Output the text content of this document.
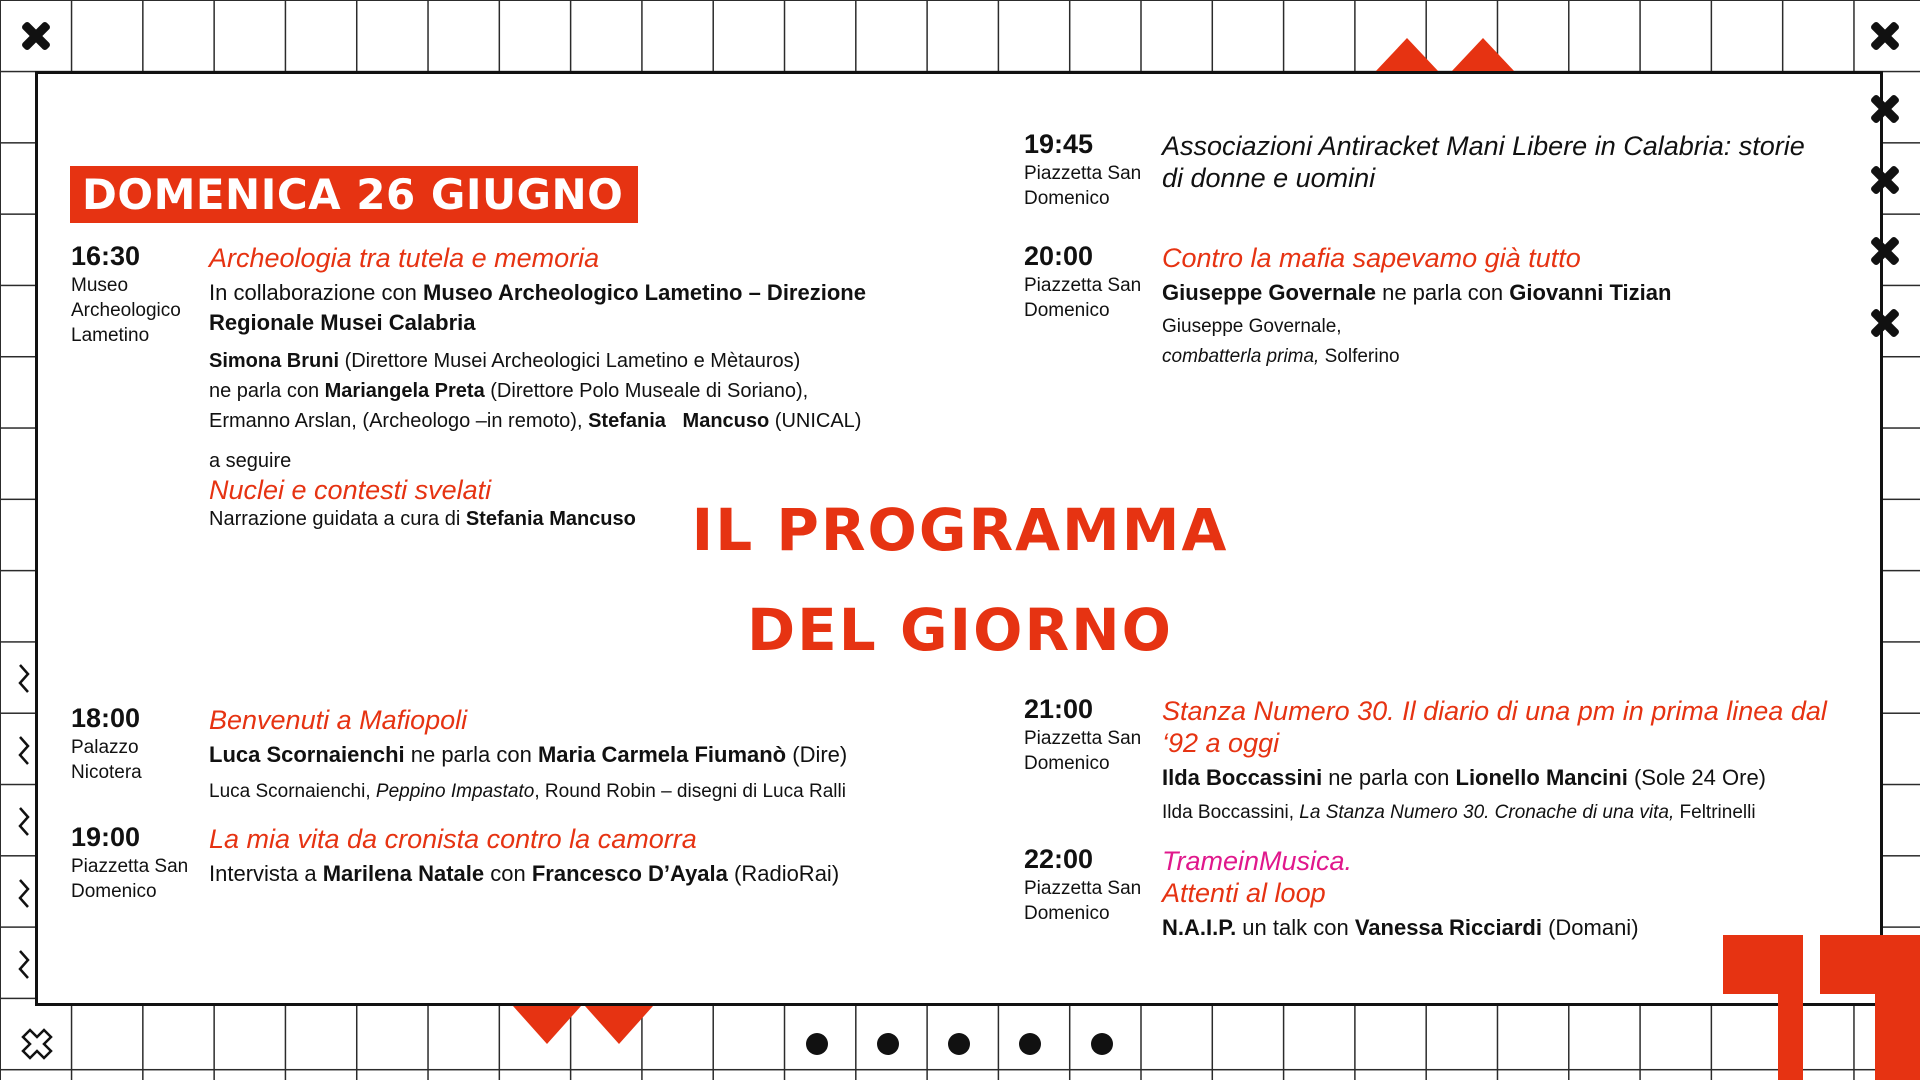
DOMENICA 26 GIUGNO
IL PROGRAMMA
DEL GIORNO
16:30
Museo Archeologico Lametino
Archeologia tra tutela e memoria
In collaborazione con Museo Archeologico Lametino – Direzione Regionale Musei Calabria
Simona Bruni (Direttore Musei Archeologici Lametino e Mètauros)
ne parla con Mariangela Preta (Direttore Polo Museale di Soriano),
Ermanno Arslan, (Archeologo –in remoto), Stefania   Mancuso (UNICAL)
a seguire
Nuclei e contesti svelati
Narrazione guidata a cura di Stefania Mancuso
18:00
Palazzo Nicotera
Benvenuti a Mafiopoli
Luca Scornaienchi ne parla con Maria Carmela Fiumanò (Dire)
Luca Scornaienchi, Peppino Impastato, Round Robin – disegni di Luca Ralli
19:00
Piazzetta San Domenico
La mia vita da cronista contro la camorra
Intervista a Marilena Natale con Francesco D’Ayala (RadioRai)
19:45
Piazzetta San Domenico
Associazioni Antiracket Mani Libere in Calabria: storie di donne e uomini
20:00
Piazzetta San Domenico
Contro la mafia sapevamo già tutto
Giuseppe Governale ne parla con Giovanni Tizian
Giuseppe Governale,
combatterla prima, Solferino
21:00
Piazzetta San Domenico
Stanza Numero 30. Il diario di una pm in prima linea dal ‘92 a oggi
Ilda Boccassini ne parla con Lionello Mancini (Sole 24 Ore)
Ilda Boccassini, La Stanza Numero 30. Cronache di una vita, Feltrinelli
22:00
Piazzetta San Domenico
TrameinMusica.
Attenti al loop
N.A.I.P. un talk con Vanessa Ricciardi (Domani)
